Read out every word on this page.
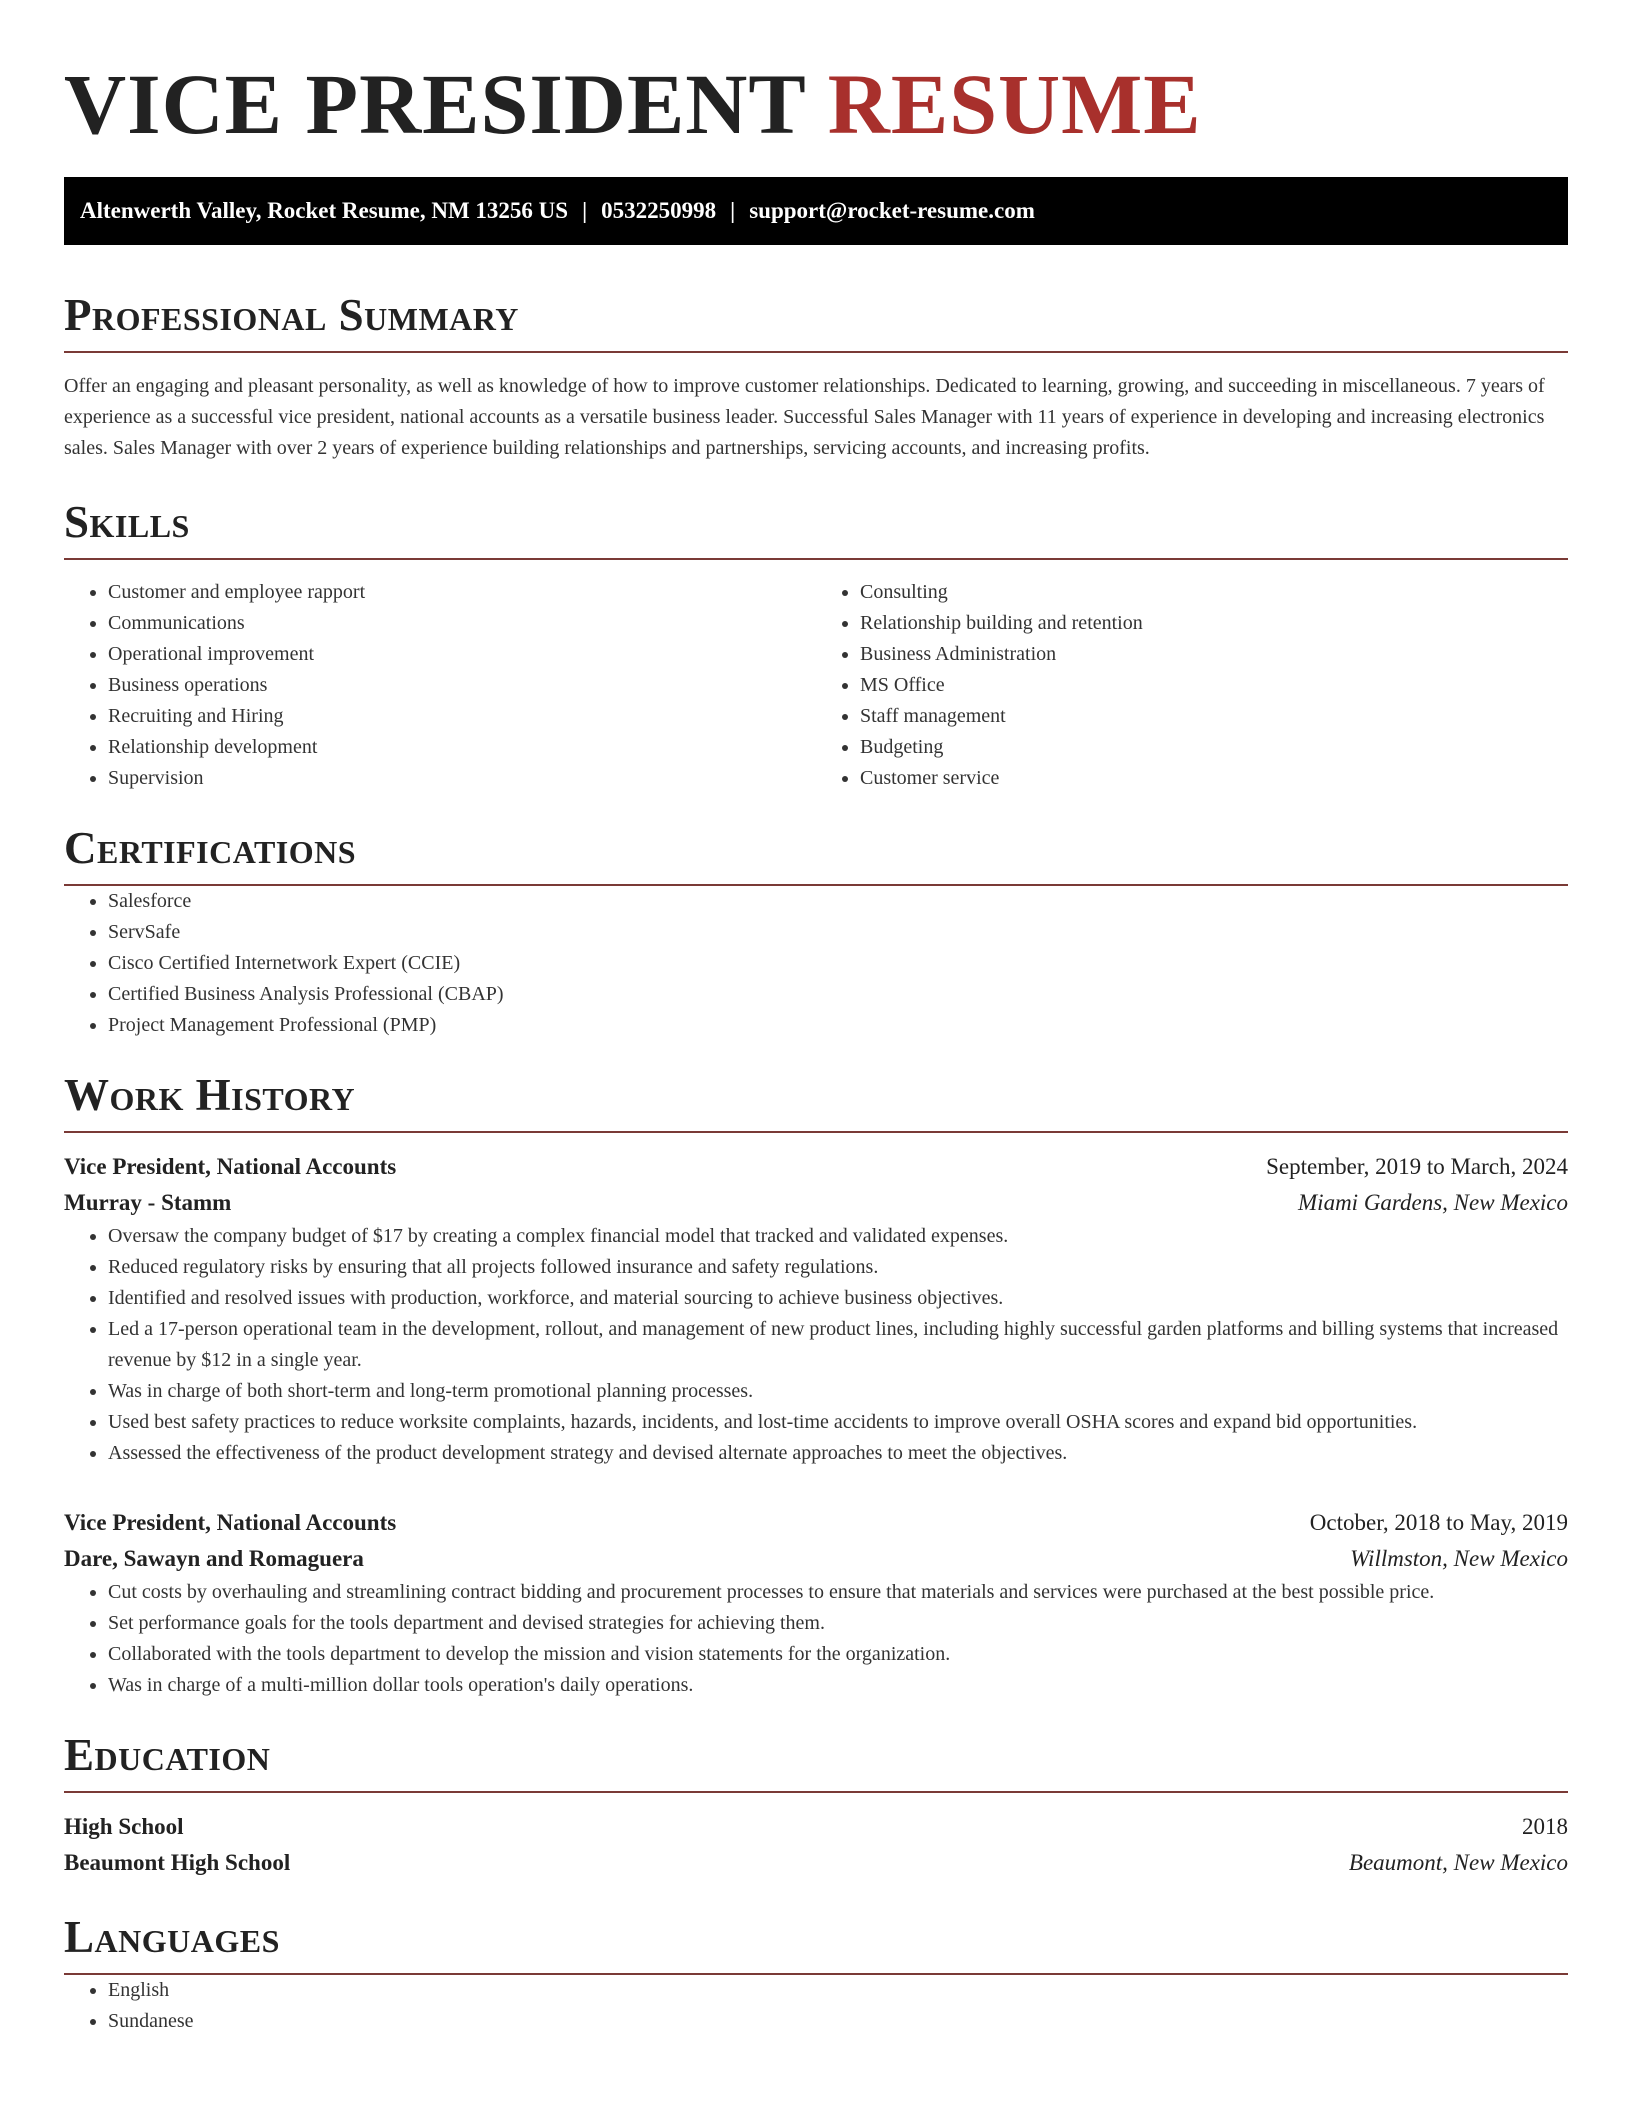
VICE PRESIDENT RESUME
Altenwerth Valley, Rocket Resume, NM 13256 US | 0532250998 | support@rocket-resume.com
Professional Summary

Offer an engaging and pleasant personality, as well as knowledge of how to improve customer relationships. Dedicated to learning, growing, and succeeding in miscellaneous. 7 years of experience as a successful vice president, national accounts as a versatile business leader. Successful Sales Manager with 11 years of experience in developing and increasing electronics sales. Sales Manager with over 2 years of experience building relationships and partnerships, servicing accounts, and increasing profits.

Skills
• Customer and employee rapport
• Communications
• Operational improvement
• Business operations
• Recruiting and Hiring
• Relationship development
• Supervision
• Consulting
• Relationship building and retention
• Business Administration
• MS Office
• Staff management
• Budgeting
• Customer service
Certifications
• Salesforce
• ServSafe
• Cisco Certified Internetwork Expert (CCIE)
• Certified Business Analysis Professional (CBAP)
• Project Management Professional (PMP)
Work History
Vice President, National Accounts	September, 2019 to March, 2024
Murray - Stamm	Miami Gardens, New Mexico
• Oversaw the company budget of $17 by creating a complex financial model that tracked and validated expenses.
• Reduced regulatory risks by ensuring that all projects followed insurance and safety regulations.
• Identified and resolved issues with production, workforce, and material sourcing to achieve business objectives.
• Led a 17-person operational team in the development, rollout, and management of new product lines, including highly successful garden platforms and billing systems that increased revenue by $12 in a single year.
• Was in charge of both short-term and long-term promotional planning processes.
• Used best safety practices to reduce worksite complaints, hazards, incidents, and lost-time accidents to improve overall OSHA scores and expand bid opportunities.
• Assessed the effectiveness of the product development strategy and devised alternate approaches to meet the objectives.
Vice President, National Accounts	October, 2018 to May, 2019
Dare, Sawayn and Romaguera	Willmston, New Mexico
• Cut costs by overhauling and streamlining contract bidding and procurement processes to ensure that materials and services were purchased at the best possible price.
• Set performance goals for the tools department and devised strategies for achieving them.
• Collaborated with the tools department to develop the mission and vision statements for the organization.
• Was in charge of a multi-million dollar tools operation's daily operations.
Education
High School	2018
Beaumont High School	Beaumont, New Mexico
Languages
• English
• Sundanese
